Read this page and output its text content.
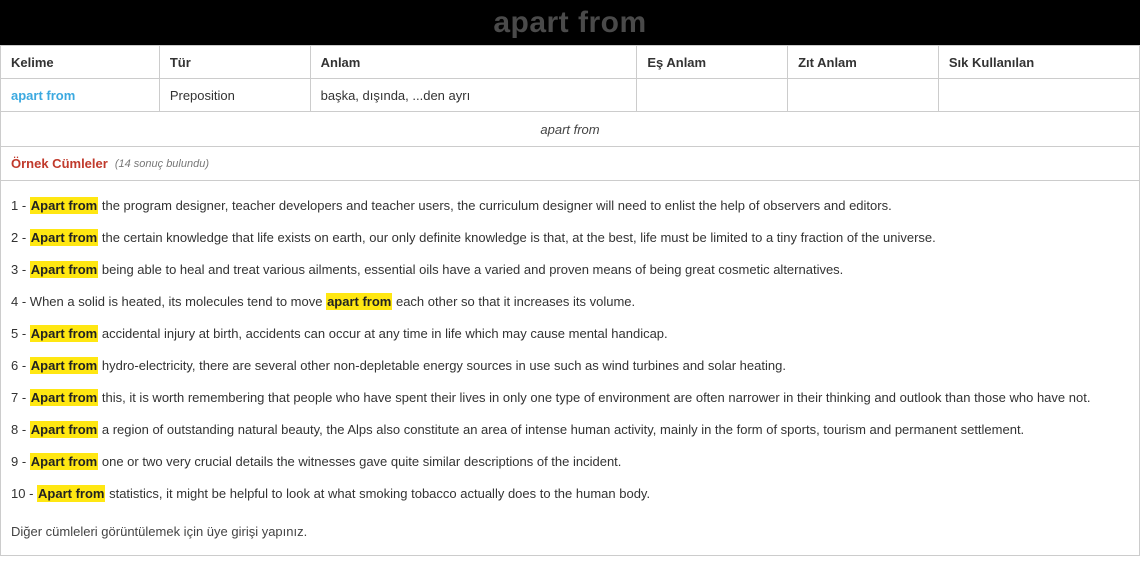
apart from
Kelime	Tür	Anlam	Eş Anlam	Zıt Anlam	Sık Kullanılan
apart from	Preposition	başka, dışında, ...den ayrı			
apart from
Örnek Cümleler (14 sonuç bulundu)
1 - Apart from the program designer, teacher developers and teacher users, the curriculum designer will need to enlist the help of observers and editors.
2 - Apart from the certain knowledge that life exists on earth, our only definite knowledge is that, at the best, life must be limited to a tiny fraction of the universe.
3 - Apart from being able to heal and treat various ailments, essential oils have a varied and proven means of being great cosmetic alternatives.
4 - When a solid is heated, its molecules tend to move apart from each other so that it increases its volume.
5 - Apart from accidental injury at birth, accidents can occur at any time in life which may cause mental handicap.
6 - Apart from hydro-electricity, there are several other non-depletable energy sources in use such as wind turbines and solar heating.
7 - Apart from this, it is worth remembering that people who have spent their lives in only one type of environment are often narrower in their thinking and outlook than those who have not.
8 - Apart from a region of outstanding natural beauty, the Alps also constitute an area of intense human activity, mainly in the form of sports, tourism and permanent settlement.
9 - Apart from one or two very crucial details the witnesses gave quite similar descriptions of the incident.
10 - Apart from statistics, it might be helpful to look at what smoking tobacco actually does to the human body.
Diğer cümleleri görüntülemek için üye girişi yapınız.
